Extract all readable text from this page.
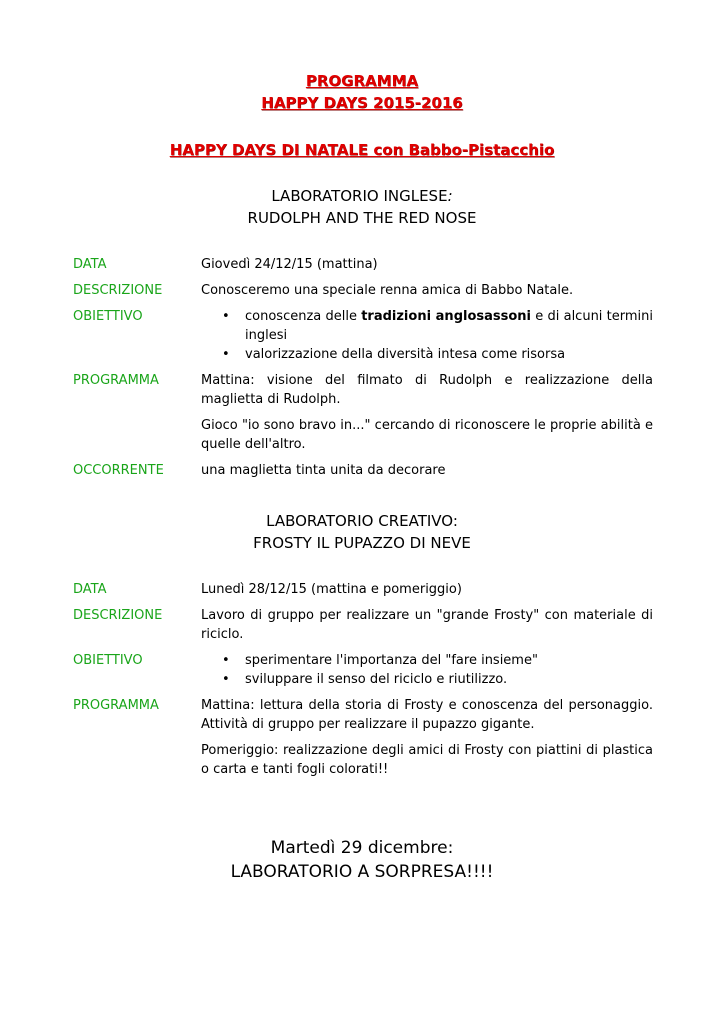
PROGRAMMA
HAPPY DAYS 2015-2016
HAPPY DAYS DI NATALE con Babbo-Pistacchio
LABORATORIO INGLESE:
RUDOLPH AND THE RED NOSE
DATA	Giovedì 24/12/15 (mattina)
DESCRIZIONE	Conosceremo una speciale renna amica di Babbo Natale.
OBIETTIVO	• conoscenza delle tradizioni anglosassoni e di alcuni termini inglesi
• valorizzazione della diversità intesa come risorsa
PROGRAMMA	Mattina: visione del filmato di Rudolph e realizzazione della maglietta di Rudolph.

Gioco "io sono bravo in..." cercando di riconoscere le proprie abilità e quelle dell'altro.

OCCORRENTE	una maglietta tinta unita da decorare
LABORATORIO CREATIVO:
FROSTY IL PUPAZZO DI NEVE
DATA	Lunedì 28/12/15 (mattina e pomeriggio)
DESCRIZIONE	Lavoro di gruppo per realizzare un "grande Frosty" con materiale di riciclo.
OBIETTIVO	• sperimentare l'importanza del "fare insieme"
• sviluppare il senso del riciclo e riutilizzo.
PROGRAMMA	Mattina: lettura della storia di Frosty e conoscenza del personaggio. Attività di gruppo per realizzare il pupazzo gigante.

Pomeriggio: realizzazione degli amici di Frosty con piattini di plastica o carta e tanti fogli colorati!!

Martedì 29 dicembre:
LABORATORIO A SORPRESA!!!!
